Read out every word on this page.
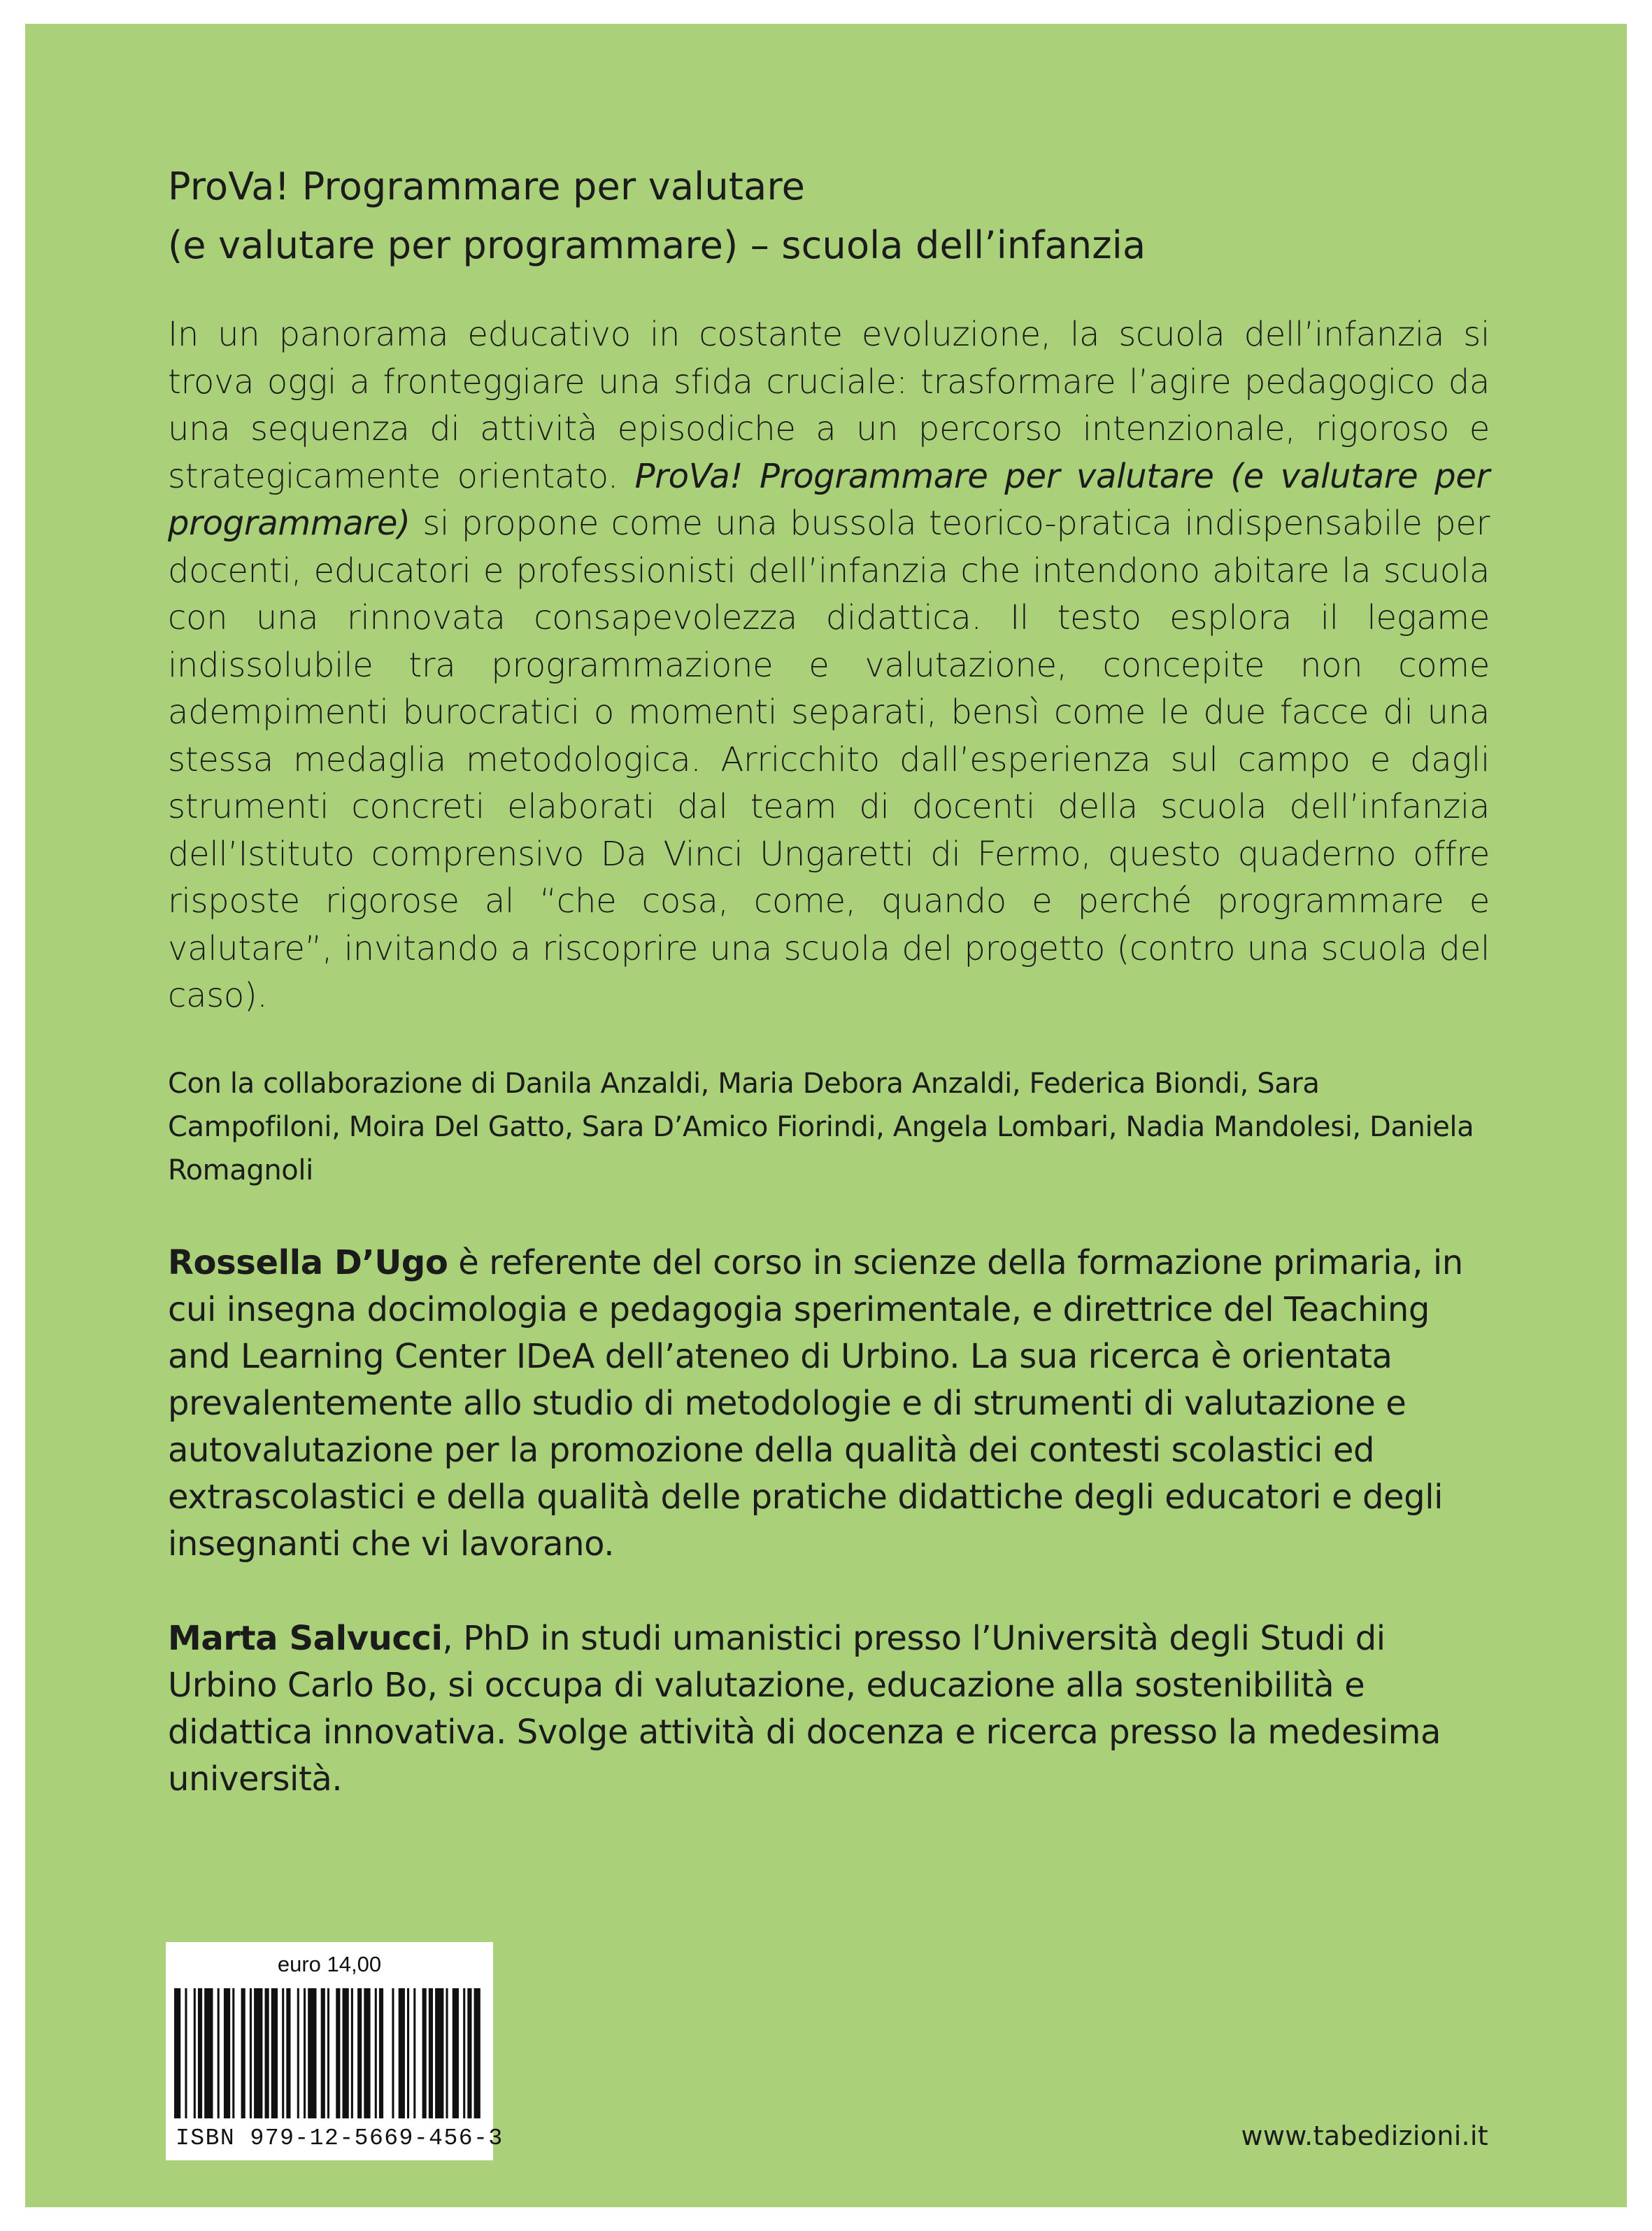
ProVa! Programmare per valutare
(e valutare per programmare) – scuola dell’infanzia

In un panorama educativo in costante evoluzione, la scuola dell’infanzia si trova oggi a fronteggiare una sfida cruciale: trasformare l’agire pedagogico da una sequenza di attività episodiche a un percorso intenzionale, rigoroso e strategicamente orientato. ProVa! Programmare per valutare (e valutare per programmare) si propone come una bussola teorico-pratica indispensabile per docenti, educatori e professionisti dell’infanzia che intendono abitare la scuola con una rinnovata consapevolezza didattica. Il testo esplora il legame indissolubile tra programmazione e valutazione, concepite non come adempimenti burocratici o momenti separati, bensì come le due facce di una stessa medaglia metodologica. Arricchito dall’esperienza sul campo e dagli strumenti concreti elaborati dal team di docenti della scuola dell’infanzia dell’Istituto comprensivo Da Vinci Ungaretti di Fermo, questo quaderno offre risposte rigorose al “che cosa, come, quando e perché programmare e valutare”, invitando a riscoprire una scuola del progetto (contro una scuola del caso).

Con la collaborazione di Danila Anzaldi, Maria Debora Anzaldi, Federica Biondi, Sara Campofiloni, Moira Del Gatto, Sara D’Amico Fiorindi, Angela Lombari, Nadia Mandolesi, Daniela Romagnoli

Rossella D’Ugo è referente del corso in scienze della formazione primaria, in cui insegna docimologia e pedagogia sperimentale, e direttrice del Teaching and Learning Center IDeA dell’ateneo di Urbino. La sua ricerca è orientata prevalentemente allo studio di metodologie e di strumenti di valutazione e autovalutazione per la promozione della qualità dei contesti scolastici ed extrascolastici e della qualità delle pratiche didattiche degli educatori e degli insegnanti che vi lavorano.

Marta Salvucci, PhD in studi umanistici presso l’Università degli Studi di Urbino Carlo Bo, si occupa di valutazione, educazione alla sostenibilità e didattica innovativa. Svolge attività di docenza e ricerca presso la medesima università.

euro 14,00
ISBN 979-12-5669-456-3	www.tabedizioni.it
